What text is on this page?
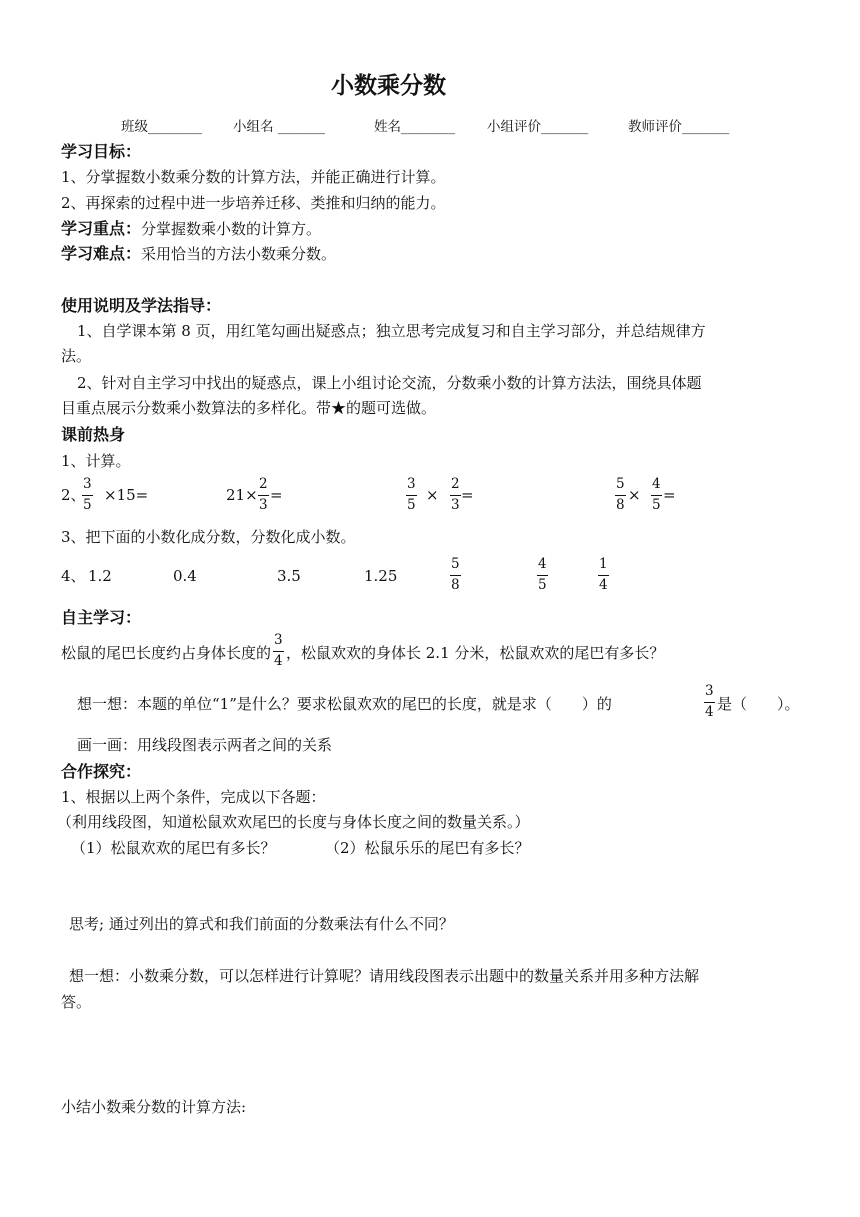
小数乘分数
班级________ 小组名 _______	姓名________ 小组评价_______	教师评价_______
学习目标：
1、分掌握数小数乘分数的计算方法，并能正确进行计算。
2、再探索的过程中进一步培养迁移、类推和归纳的能力。
学习重点：分掌握数乘小数的计算方。
学习难点：采用恰当的方法小数乘分数。
使用说明及学法指导：
1、自学课本第 8 页，用红笔勾画出疑惑点；独立思考完成复习和自主学习部分，并总结规律方
法。
2、针对自主学习中找出的疑惑点，课上小组讨论交流，分数乘小数的计算方法法，围绕具体题
目重点展示分数乘小数算法的多样化。带★的题可选做。
课前热身
1、计算。
2、
$\frac{3}{5} \times 15=$	$21\times \frac{2}{3}$ =	$\frac{3}{5} \times \frac{2}{3}$ =	$\frac{5}{8} \times \frac{4}{5}$ =
3、把下面的小数化成分数，分数化成小数。
4、 1.2	0.4	3.5	1.25	$\frac{5}{8}$	$\frac{4}{5}$	$\frac{1}{4}$
自主学习：
松鼠的尾巴长度约占身体长度的 $\frac{3}{4}$ ，松鼠欢欢的身体长 2.1 分米，松鼠欢欢的尾巴有多长？
想一想：本题的单位“1”是什么？要求松鼠欢欢的尾巴的长度，就是求（　　）的	$\frac{3}{4}$ 是（　　）。
画一画：用线段图表示两者之间的关系
合作探究：
1、根据以上两个条件，完成以下各题：
（利用线段图，知道松鼠欢欢尾巴的长度与身体长度之间的数量关系。）
（1）松鼠欢欢的尾巴有多长？	（2）松鼠乐乐的尾巴有多长？
思考; 通过列出的算式和我们前面的分数乘法有什么不同？
想一想：小数乘分数，可以怎样进行计算呢？请用线段图表示出题中的数量关系并用多种方法解
答。
小结小数乘分数的计算方法:
